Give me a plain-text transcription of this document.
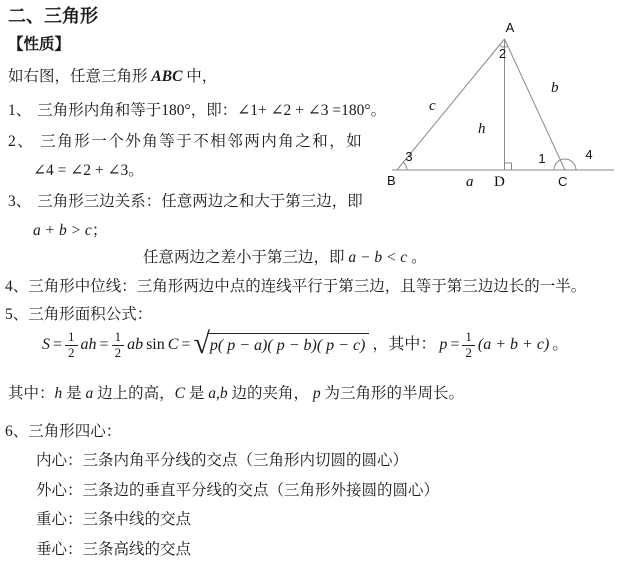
二、三角形
【性质】
如右图，任意三角形 ABC 中，
1、 三角形内角和等于180°，即：∠1+ ∠2 + ∠3 =180°。
2、 三角形一个外角等于不相邻两内角之和，如
∠4 = ∠2 + ∠3。
3、 三角形三边关系：任意两边之和大于第三边，即
a + b > c；
任意两边之差小于第三边，即 a − b < c 。
4、三角形中位线：三角形两边中点的连线平行于第三边，且等于第三边边长的一半。
5、三角形面积公式：
$S = \frac{1}{2}$ ah = $\frac{1}{2}$ ab sin C = √ p( p − a)( p − b)( p − c) ，其中： $p = \frac{1}{2} (a + b + c)$ 。
其中：h 是 a 边上的高，C 是 a,b 边的夹角， p 为三角形的半周长。
6、三角形四心：
内心：三条内角平分线的交点（三角形内切圆的圆心）
外心：三条边的垂直平分线的交点（三角形外接圆的圆心）
重心：三条中线的交点
垂心：三条高线的交点
A
B	C
D
a
b
c
h
1
2
3	4
